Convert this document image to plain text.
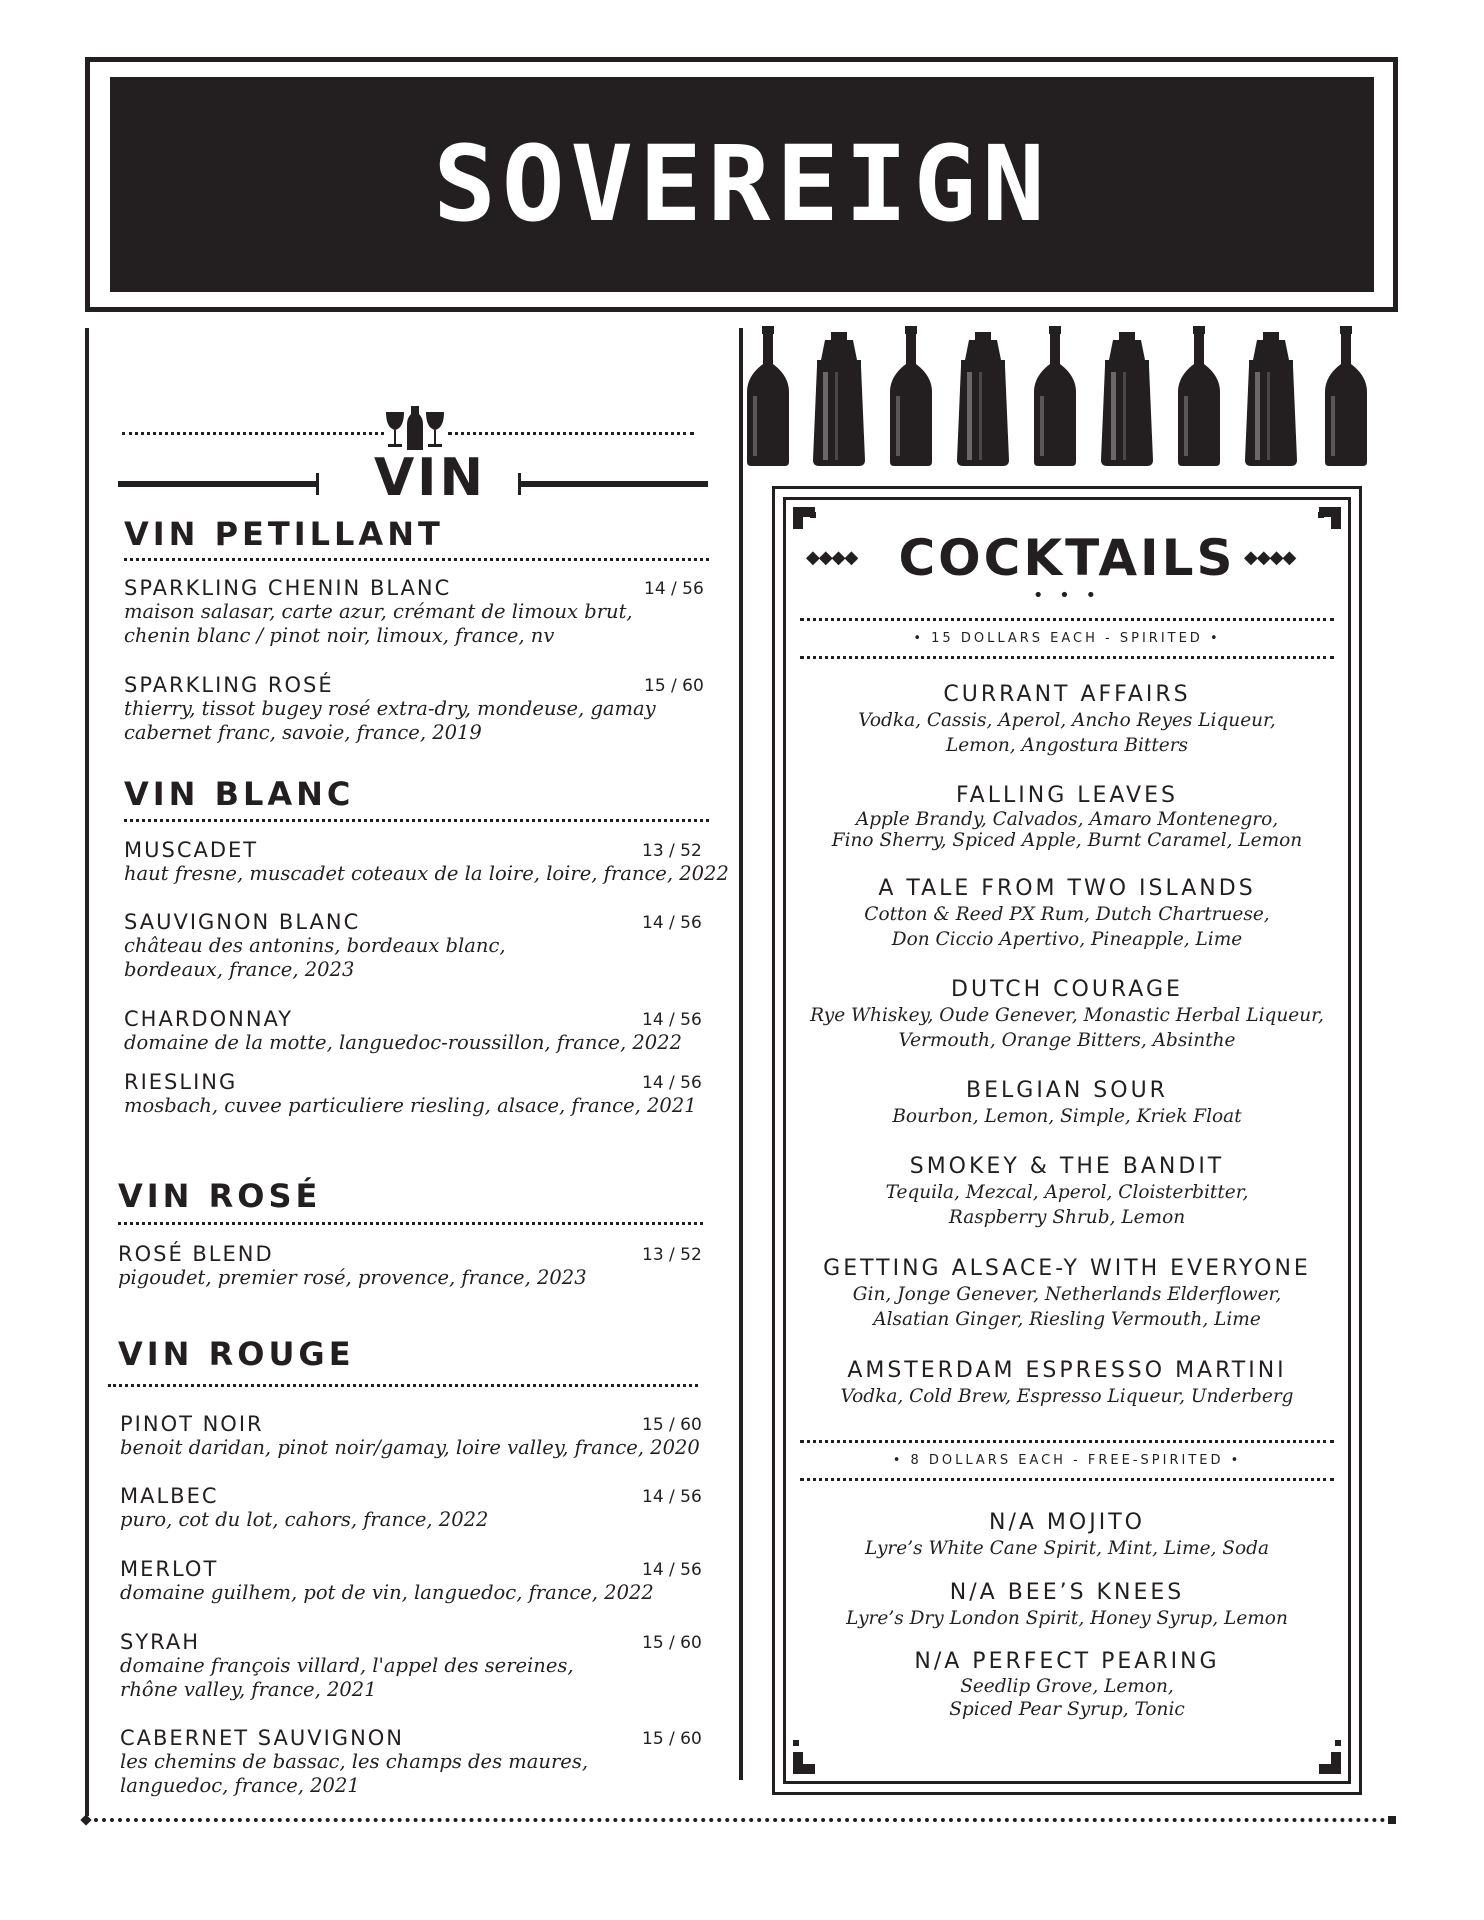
SOVEREIGN
VIN
VIN PETILLANT
SPARKLING CHENIN BLANC	14 / 56
maison salasar, carte azur, crémant de limoux brut, chenin blanc / pinot noir, limoux, france, nv
SPARKLING ROSÉ	15 / 60
thierry, tissot bugey rosé extra-dry, mondeuse, gamay cabernet franc, savoie, france, 2019
VIN BLANC
MUSCADET	13 / 52
haut fresne, muscadet coteaux de la loire, loire, france, 2022
SAUVIGNON BLANC	14 / 56
château des antonins, bordeaux blanc, bordeaux, france, 2023
CHARDONNAY	14 / 56
domaine de la motte, languedoc-roussillon, france, 2022
RIESLING	14 / 56
mosbach, cuvee particuliere riesling, alsace, france, 2021
VIN ROSÉ
ROSÉ BLEND	13 / 52
pigoudet, premier rosé, provence, france, 2023
VIN ROUGE
PINOT NOIR	15 / 60
benoit daridan, pinot noir/gamay, loire valley, france, 2020
MALBEC	14 / 56
puro, cot du lot, cahors, france, 2022
MERLOT	14 / 56
domaine guilhem, pot de vin, languedoc, france, 2022
SYRAH	15 / 60
domaine françois villard, l'appel des sereines, rhône valley, france, 2021
CABERNET SAUVIGNON	15 / 60
les chemins de bassac, les champs des maures, languedoc, france, 2021
◆◆◆◆ COCKTAILS ◆◆◆◆
• • •
• 15 DOLLARS EACH - SPIRITED •
CURRANT AFFAIRS
Vodka, Cassis, Aperol, Ancho Reyes Liqueur,
Lemon, Angostura Bitters
FALLING LEAVES
Apple Brandy, Calvados, Amaro Montenegro,
Fino Sherry, Spiced Apple, Burnt Caramel, Lemon
A TALE FROM TWO ISLANDS
Cotton & Reed PX Rum, Dutch Chartruese,
Don Ciccio Apertivo, Pineapple, Lime
DUTCH COURAGE
Rye Whiskey, Oude Genever, Monastic Herbal Liqueur,
Vermouth, Orange Bitters, Absinthe
BELGIAN SOUR
Bourbon, Lemon, Simple, Kriek Float
SMOKEY & THE BANDIT
Tequila, Mezcal, Aperol, Cloisterbitter,
Raspberry Shrub, Lemon
GETTING ALSACE-Y WITH EVERYONE
Gin, Jonge Genever, Netherlands Elderflower,
Alsatian Ginger, Riesling Vermouth, Lime
AMSTERDAM ESPRESSO MARTINI
Vodka, Cold Brew, Espresso Liqueur, Underberg
• 8 DOLLARS EACH - FREE-SPIRITED •
N/A MOJITO
Lyre’s White Cane Spirit, Mint, Lime, Soda
N/A BEE’S KNEES
Lyre’s Dry London Spirit, Honey Syrup, Lemon
N/A PERFECT PEARING
Seedlip Grove, Lemon,
Spiced Pear Syrup, Tonic
